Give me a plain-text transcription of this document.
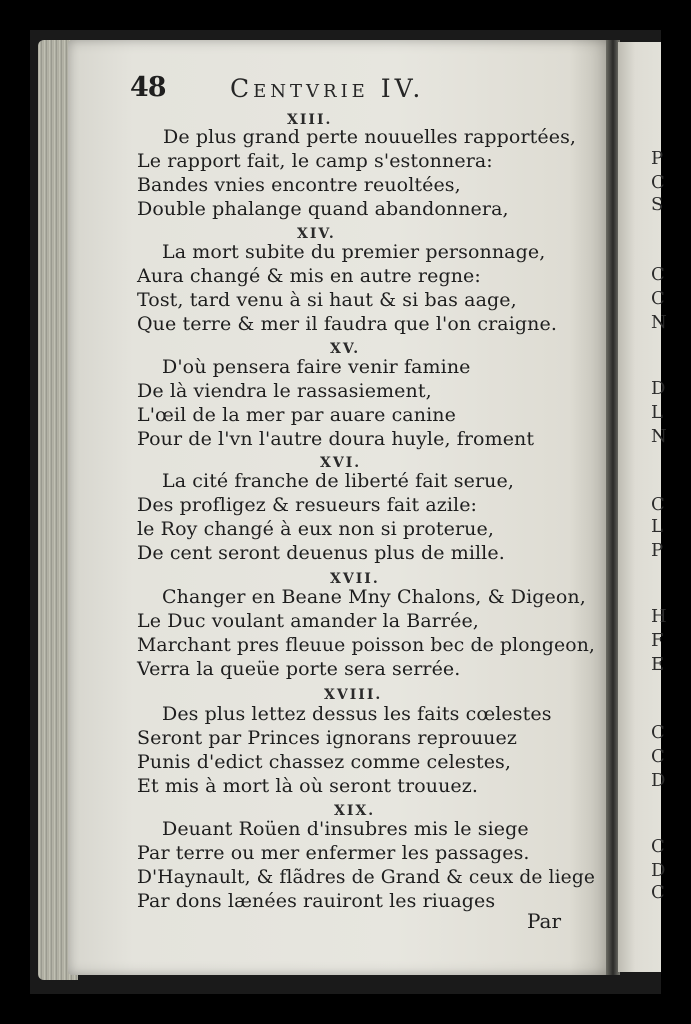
P
C
S
C
C
N
D
L
N
C
L
P
H
F
E
C
C
D
C
D
C
48	Centvrie IV.
XIII.
De plus grand perte nouuelles rapportées,
Le rapport fait, le camp s'estonnera:
Bandes vnies encontre reuoltées,
Double phalange quand abandonnera,
XIV.
La mort subite du premier personnage,
Aura changé & mis en autre regne:
Tost, tard venu à si haut & si bas aage,
Que terre & mer il faudra que l'on craigne.
XV.
D'où pensera faire venir famine
De là viendra le rassasiement,
L'œil de la mer par auare canine
Pour de l'vn l'autre doura huyle, froment
XVI.
La cité franche de liberté fait serue,
Des profligez & resueurs fait azile:
le Roy changé à eux non si proterue,
De cent seront deuenus plus de mille.
XVII.
Changer en Beane Mny Chalons, & Digeon,
Le Duc voulant amander la Barrée,
Marchant pres fleuue poisson bec de plongeon,
Verra la queüe porte sera serrée.
XVIII.
Des plus lettez dessus les faits cœlestes
Seront par Princes ignorans reprouuez
Punis d'edict chassez comme celestes,
Et mis à mort là où seront trouuez.
XIX.
Deuant Roüen d'insubres mis le siege
Par terre ou mer enfermer les passages.
D'Haynault, & flãdres de Grand & ceux de liege
Par dons lænées rauiront les riuages
Par
